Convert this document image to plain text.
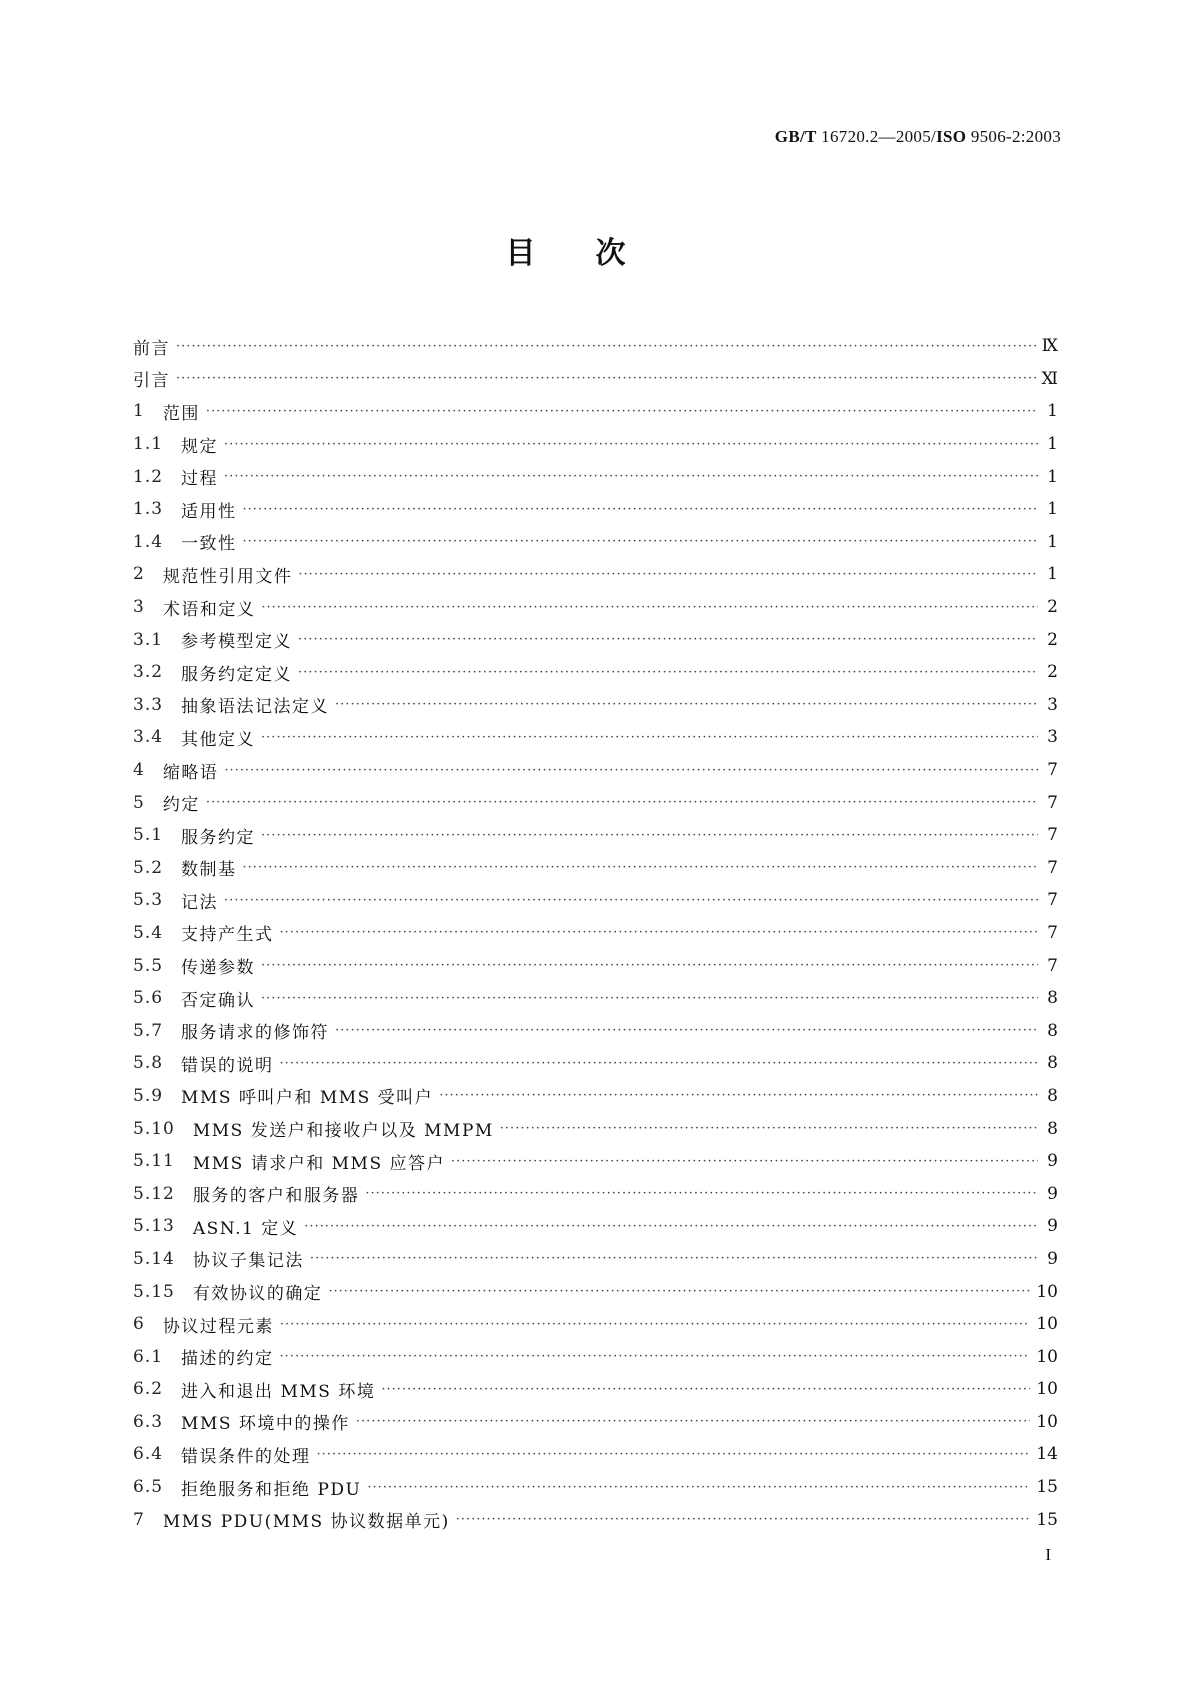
GB/T 16720.2—2005/ISO 9506-2:2003
目次
前言 ·····	Ⅸ
引言 ·····	Ⅺ
1 范围 ·····	1
1.1 规定 ·····	1
1.2 过程 ·····	1
1.3 适用性 ·····	1
1.4 一致性 ·····	1
2 规范性引用文件 ·····	1
3 术语和定义 ·····	2
3.1 参考模型定义 ·····	2
3.2 服务约定定义 ·····	2
3.3 抽象语法记法定义 ·····	3
3.4 其他定义 ·····	3
4 缩略语 ·····	7
5 约定 ·····	7
5.1 服务约定 ·····	7
5.2 数制基 ·····	7
5.3 记法 ·····	7
5.4 支持产生式 ·····	7
5.5 传递参数 ·····	7
5.6 否定确认 ·····	8
5.7 服务请求的修饰符 ·····	8
5.8 错误的说明 ·····	8
5.9 MMS 呼叫户和 MMS 受叫户 ·····	8
5.10 MMS 发送户和接收户以及 MMPM ·····	8
5.11 MMS 请求户和 MMS 应答户 ·····	9
5.12 服务的客户和服务器 ·····	9
5.13 ASN.1 定义 ·····	9
5.14 协议子集记法 ·····	9
5.15 有效协议的确定 ·····	10
6 协议过程元素 ·····	10
6.1 描述的约定 ·····	10
6.2 进入和退出 MMS 环境 ·····	10
6.3 MMS 环境中的操作 ·····	10
6.4 错误条件的处理 ·····	14
6.5 拒绝服务和拒绝 PDU ·····	15
7 MMS PDU(MMS 协议数据单元) ·····	15
I
